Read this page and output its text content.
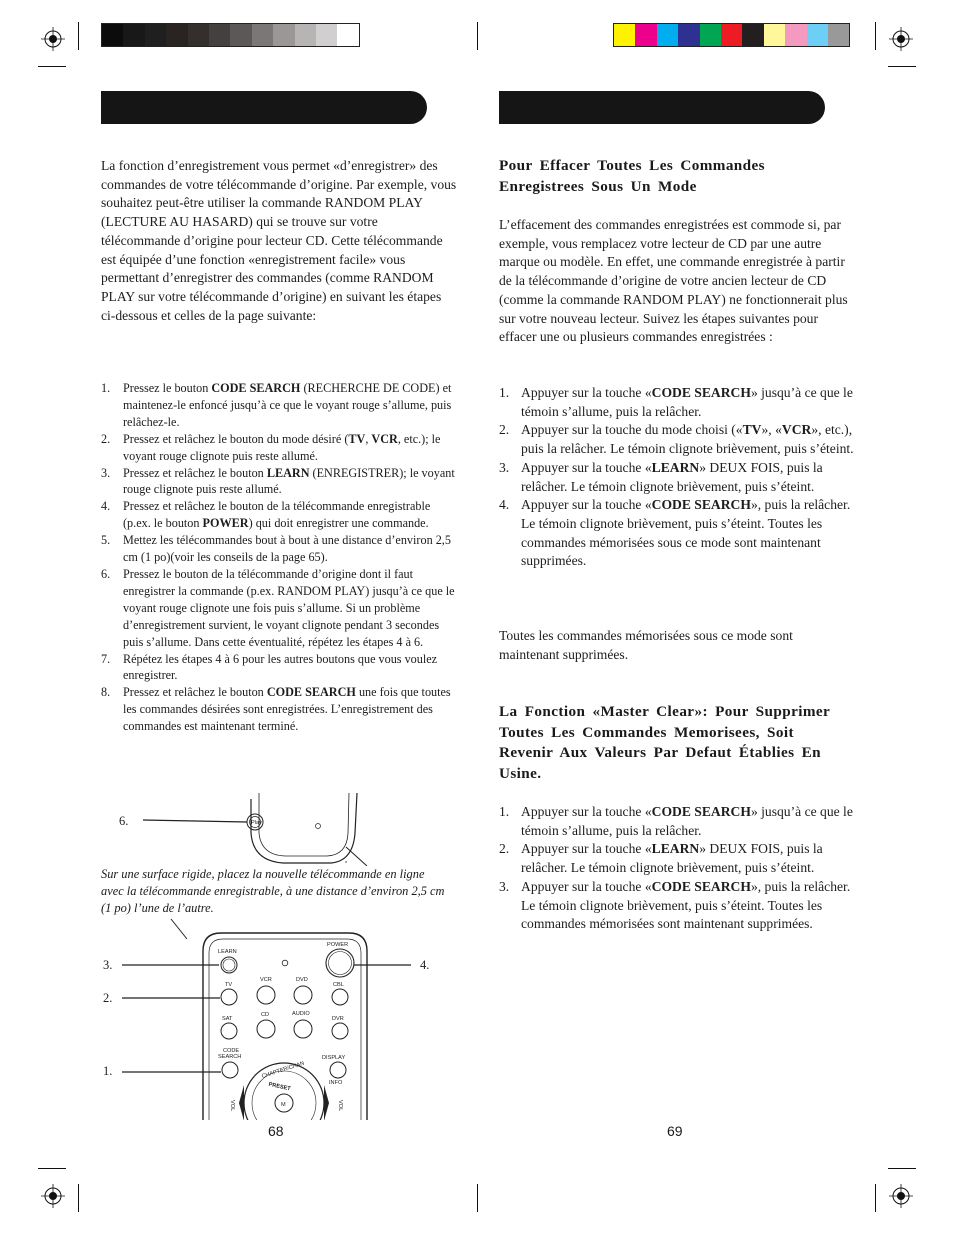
La fonction d’enregistrement vous permet «d’enregistrer» des commandes de votre télécommande d’origine. Par exemple, vous souhaitez peut-être utiliser la commande RANDOM PLAY (LECTURE AU HASARD) qui se trouve sur votre télécommande d’origine pour lecteur CD. Cette télécommande est équipée d’une fonction «enregistrement facile» vous permettant d’enregistrer des commandes (comme RANDOM PLAY sur votre télécommande d’origine) en suivant les étapes ci-dessous et celles de la page suivante:
1. Pressez le bouton CODE SEARCH (RECHERCHE DE CODE) et maintenez-le enfoncé jusqu’à ce que le voyant rouge s’allume, puis relâchez-le.
2. Pressez et relâchez le bouton du mode désiré (TV, VCR, etc.); le voyant rouge clignote puis reste allumé.
3. Pressez et relâchez le bouton LEARN (ENREGISTRER); le voyant rouge clignote puis reste allumé.
4. Pressez et relâchez le bouton de la télécommande enregistrable (p.ex. le bouton POWER) qui doit enregistrer une commande.
5. Mettez les télécommandes bout à bout à une distance d’environ 2,5 cm (1 po)(voir les conseils de la page 65).
6. Pressez le bouton de la télécommande d’origine dont il faut enregistrer la commande (p.ex. RANDOM PLAY) jusqu’à ce que le voyant rouge clignote une fois puis s’allume. Si un problème d’enregistrement survient, le voyant clignote pendant 3 secondes puis s’allume. Dans cette éventualité, répétez les étapes 4 à 6.
7. Répétez les étapes 4 à 6 pour les autres boutons que vous voulez enregistrer.
8. Pressez et relâchez le bouton CODE SEARCH une fois que toutes les commandes désirées sont enregistrées. L’enregistrement des commandes est maintenant terminé.
Play
6.
LEARN
POWER
TV
VCR	DVD
CBL
SAT
CD	AUDIO
DVR
CODE
SEARCH	DISPLAY
INFO
M
CHAPTER/CHAN
PRESET
VOL	VOL
3.
2.
1.
4.
Sur une surface rigide, placez la nouvelle télécommande en ligne avec la télécommande enregistrable, à une distance d’environ 2,5 cm (1 po) l’une de l’autre.
68
Pour Effacer Toutes Les Commandes Enregistrees Sous Un Mode
L’effacement des commandes enregistrées est commode si, par exemple, vous remplacez votre lecteur de CD par une autre marque ou modèle. En effet, une commande enregistrée à partir de la télécommande d’origine de votre ancien lecteur de CD (comme la commande RANDOM PLAY) ne fonctionnerait plus sur votre nouveau lecteur. Suivez les étapes suivantes pour effacer une ou plusieurs commandes enregistrées :
1. Appuyer sur la touche «CODE SEARCH» jusqu’à ce que le témoin s’allume, puis la relâcher.
2. Appuyer sur la touche du mode choisi («TV», «VCR», etc.), puis la relâcher. Le témoin clignote brièvement, puis s’éteint.
3. Appuyer sur la touche «LEARN» DEUX FOIS, puis la relâcher. Le témoin clignote brièvement, puis s’éteint.
4. Appuyer sur la touche «CODE SEARCH», puis la relâcher. Le témoin clignote brièvement, puis s’éteint. Toutes les commandes mémorisées sous ce mode sont maintenant supprimées.
Toutes les commandes mémorisées sous ce mode sont maintenant supprimées.
La Fonction «Master Clear»: Pour Supprimer Toutes Les Commandes Memorisees, Soit Revenir Aux Valeurs Par Defaut Établies En Usine.
1. Appuyer sur la touche «CODE SEARCH» jusqu’à ce que le témoin s’allume, puis la relâcher.
2. Appuyer sur la touche «LEARN» DEUX FOIS, puis la relâcher. Le témoin clignote brièvement, puis s’éteint.
3. Appuyer sur la touche «CODE SEARCH», puis la relâcher. Le témoin clignote brièvement, puis s’éteint. Toutes les commandes mémorisées sont maintenant supprimées.
69
